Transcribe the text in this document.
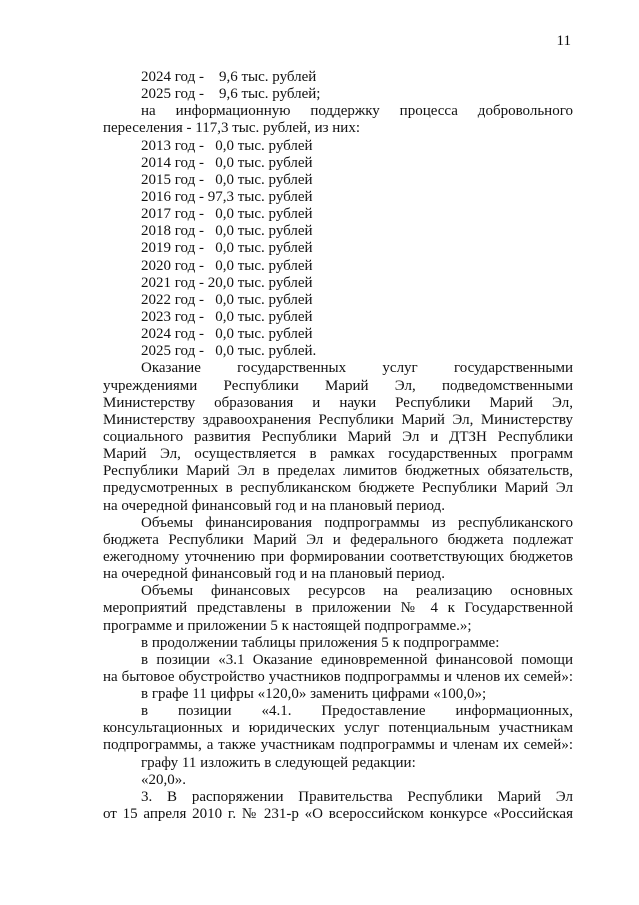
11
2024 год -    9,6 тыс. рублей
2025 год -    9,6 тыс. рублей;
на информационную поддержку процесса добровольного
переселения - 117,3 тыс. рублей, из них:
2013 год -   0,0 тыс. рублей
2014 год -   0,0 тыс. рублей
2015 год -   0,0 тыс. рублей
2016 год - 97,3 тыс. рублей
2017 год -   0,0 тыс. рублей
2018 год -   0,0 тыс. рублей
2019 год -   0,0 тыс. рублей
2020 год -   0,0 тыс. рублей
2021 год - 20,0 тыс. рублей
2022 год -   0,0 тыс. рублей
2023 год -   0,0 тыс. рублей
2024 год -   0,0 тыс. рублей
2025 год -   0,0 тыс. рублей.
Оказание государственных услуг государственными
учреждениями Республики Марий Эл, подведомственными
Министерству образования и науки Республики Марий Эл,
Министерству здравоохранения Республики Марий Эл, Министерству
социального развития Республики Марий Эл и ДТЗН Республики
Марий Эл, осуществляется в рамках государственных программ
Республики Марий Эл в пределах лимитов бюджетных обязательств,
предусмотренных в республиканском бюджете Республики Марий Эл
на очередной финансовый год и на плановый период.
Объемы финансирования подпрограммы из республиканского
бюджета Республики Марий Эл и федерального бюджета подлежат
ежегодному уточнению при формировании соответствующих бюджетов
на очередной финансовый год и на плановый период.
Объемы финансовых ресурсов на реализацию основных
мероприятий представлены в приложении № 4 к Государственной
программе и приложении 5 к настоящей подпрограмме.»;
в продолжении таблицы приложения 5 к подпрограмме:
в позиции «3.1 Оказание единовременной финансовой помощи
на бытовое обустройство участников подпрограммы и членов их семей»:
в графе 11 цифры «120,0» заменить цифрами «100,0»;
в позиции «4.1. Предоставление информационных,
консультационных и юридических услуг потенциальным участникам
подпрограммы, а также участникам подпрограммы и членам их семей»:
графу 11 изложить в следующей редакции:
«20,0».
3. В распоряжении Правительства Республики Марий Эл
от 15 апреля 2010 г. № 231-р «О всероссийском конкурсе «Российская
